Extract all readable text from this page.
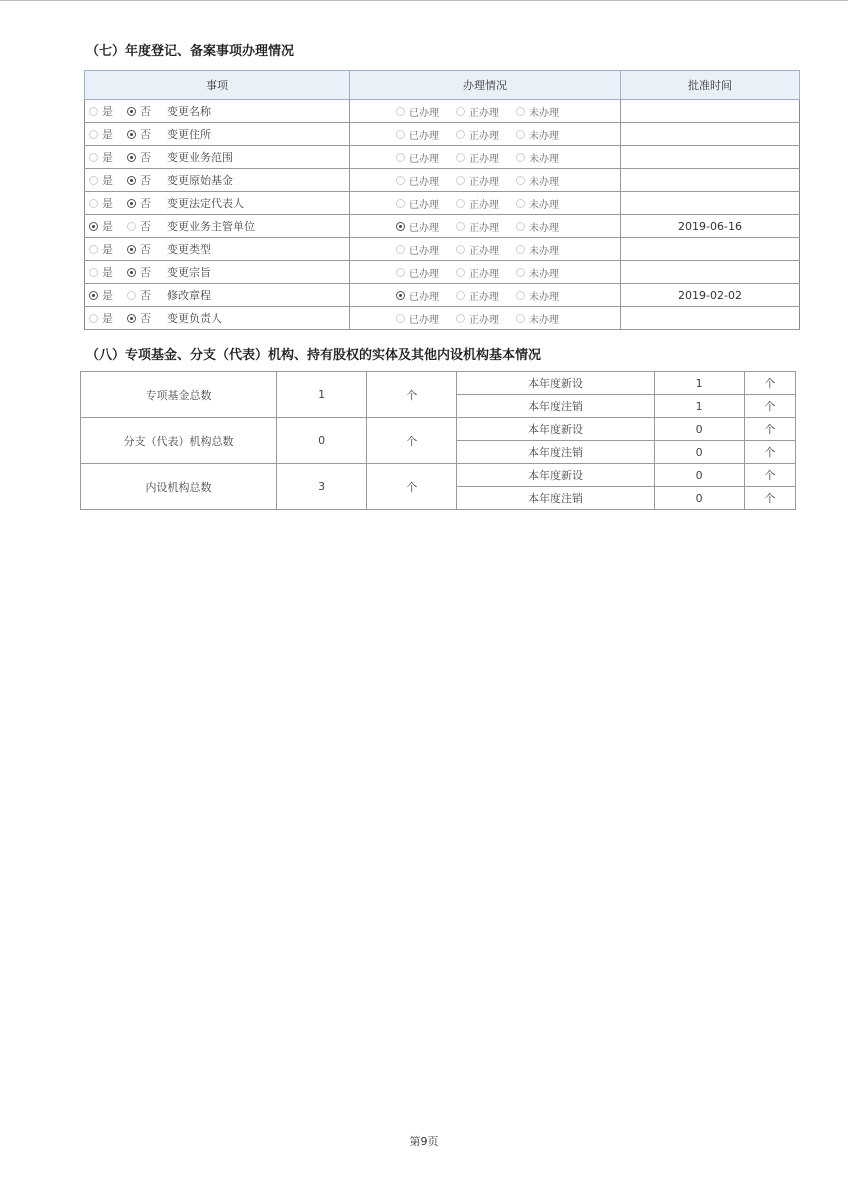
（七）年度登记、备案事项办理情况
事项	办理情况	批准时间

是 否 变更名称	已办理 正办理 未办理	

是 否 变更住所	已办理 正办理 未办理	

是 否 变更业务范围	已办理 正办理 未办理	

是 否 变更原始基金	已办理 正办理 未办理	

是 否 变更法定代表人	已办理 正办理 未办理	

是 否 变更业务主管单位	已办理 正办理 未办理	2019-06-16

是 否 变更类型	已办理 正办理 未办理	

是 否 变更宗旨	已办理 正办理 未办理	

是 否 修改章程	已办理 正办理 未办理	2019-02-02

是 否 变更负责人	已办理 正办理 未办理	

（八）专项基金、分支（代表）机构、持有股权的实体及其他内设机构基本情况
专项基金总数	1	个	本年度新设	1	个
			本年度注销	1	个
分支（代表）机构总数	0	个	本年度新设	0	个
			本年度注销	0	个
内设机构总数	3	个	本年度新设	0	个
			本年度注销	0	个
第9页
